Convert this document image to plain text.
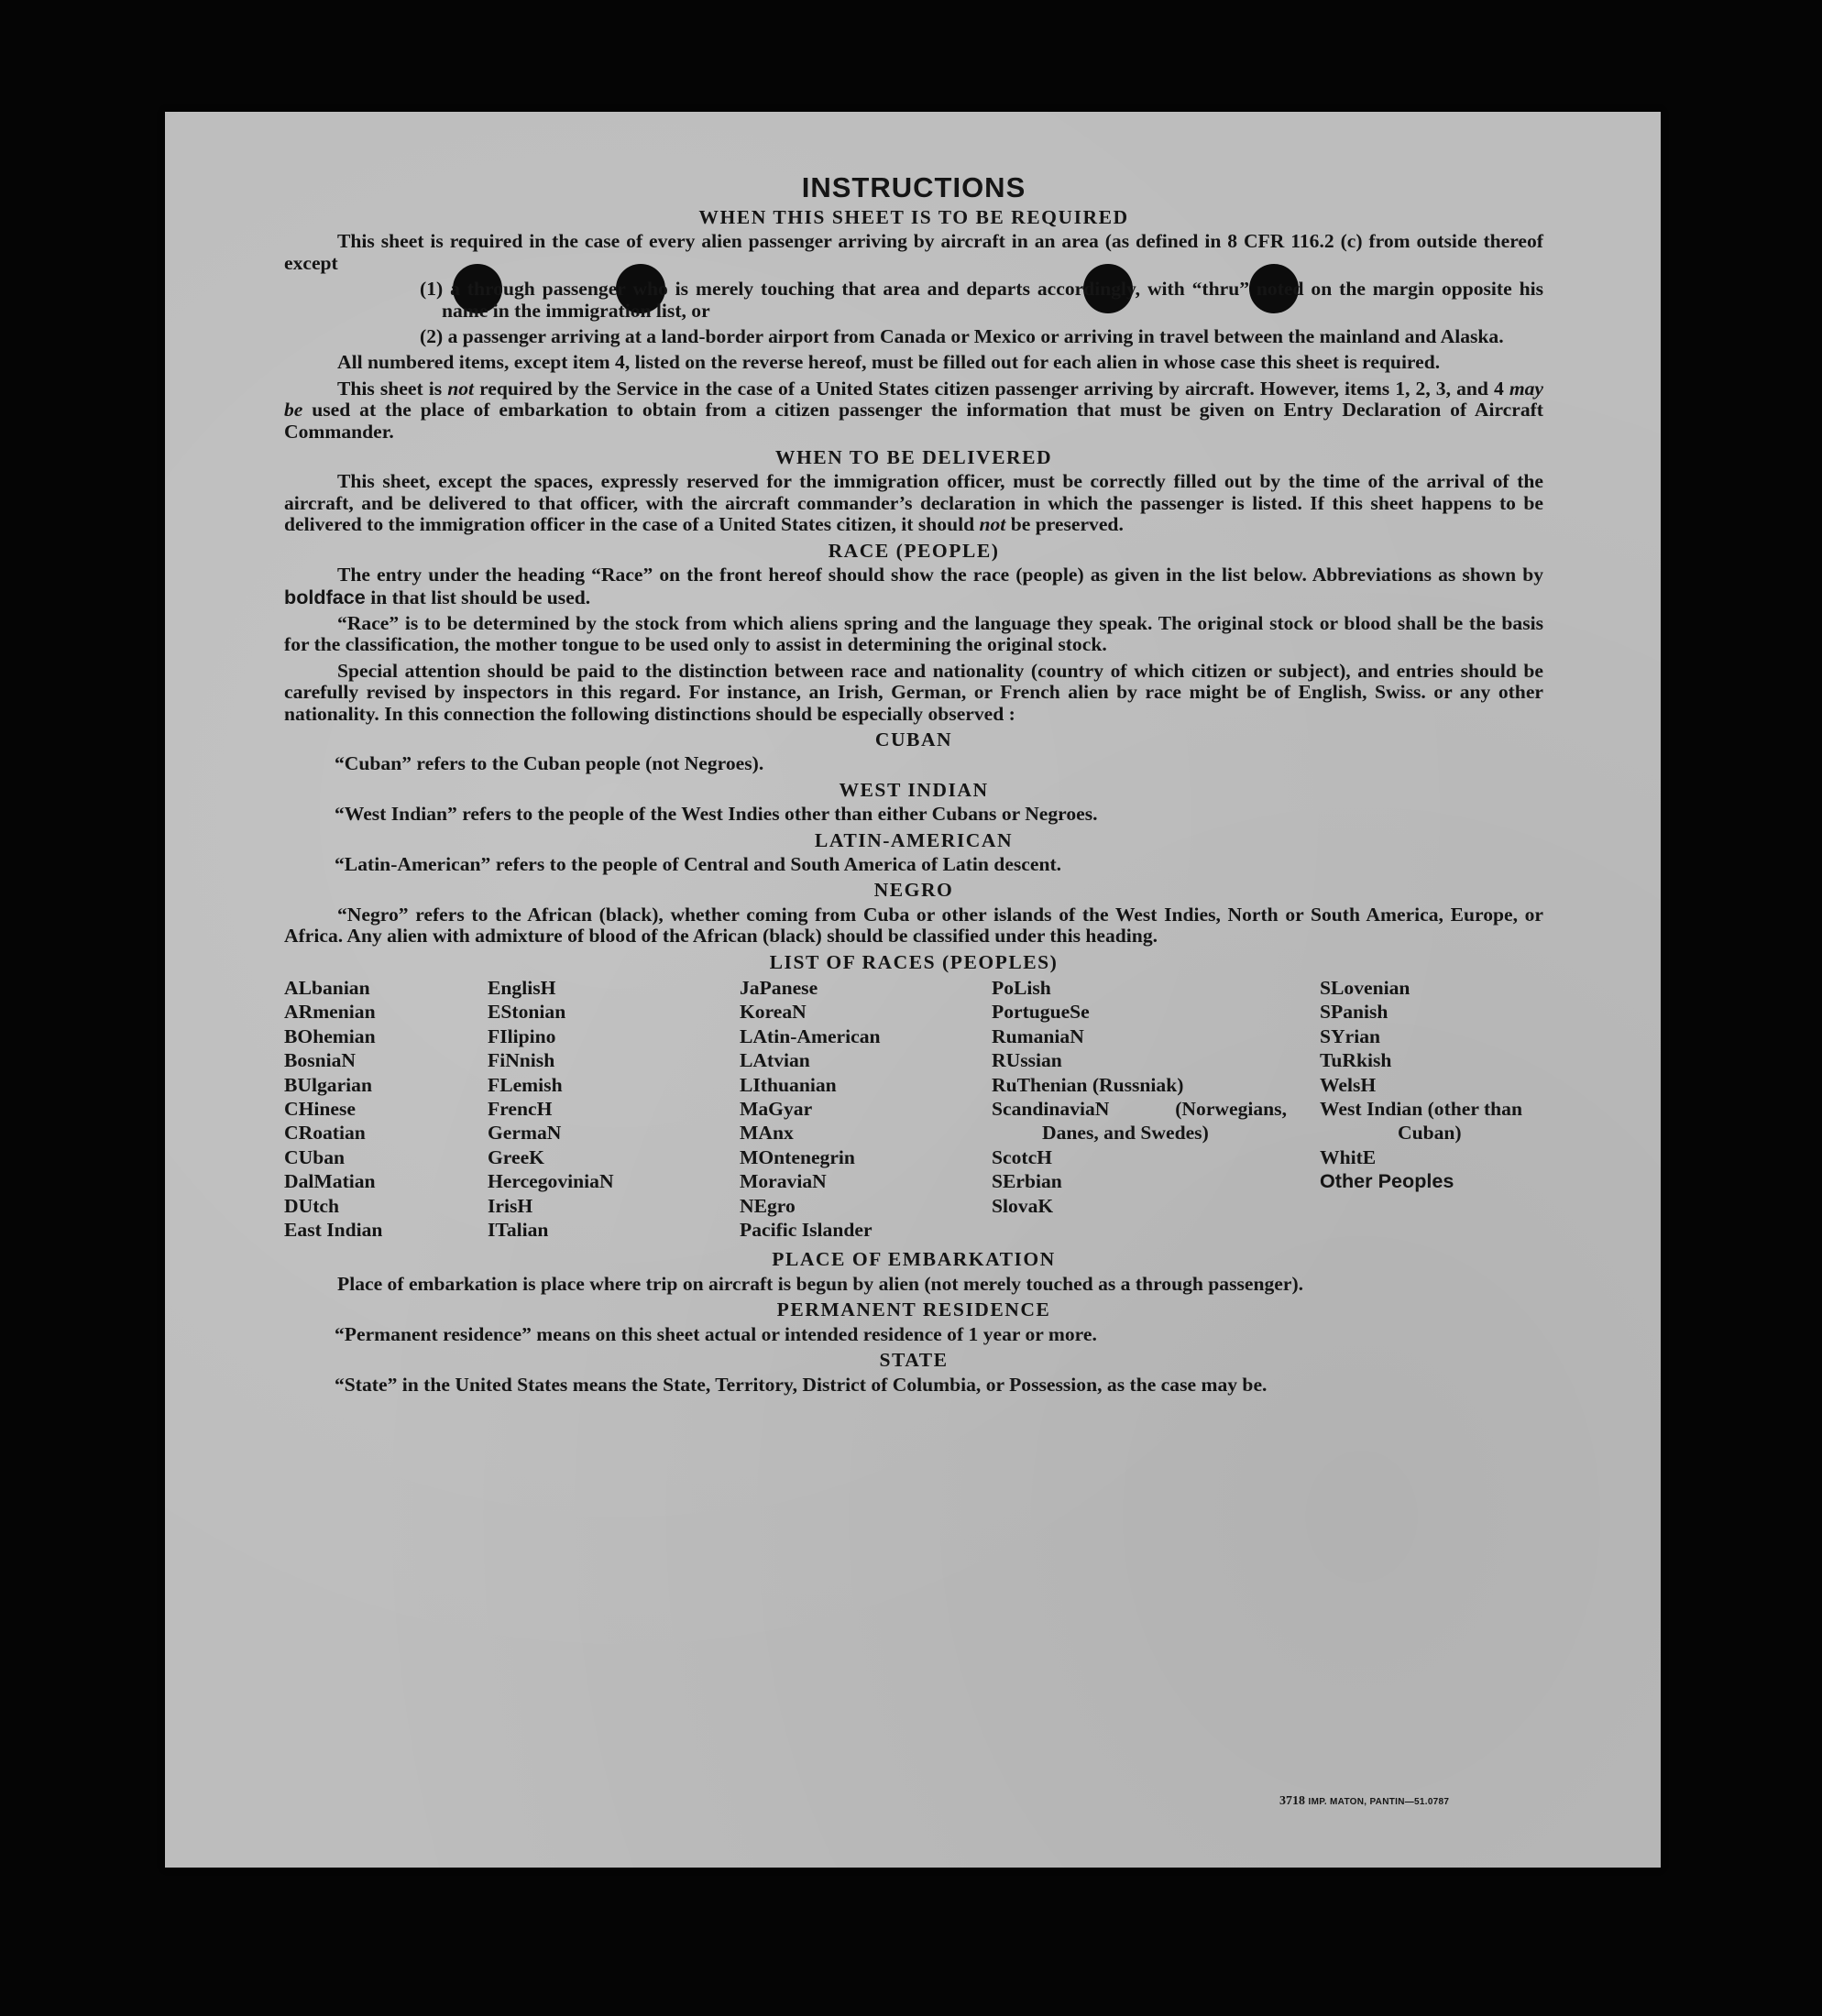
INSTRUCTIONS
WHEN THIS SHEET IS TO BE REQUIRED

This sheet is required in the case of every alien passenger arriving by aircraft in an area (as defined in 8 CFR 116.2 (c) from outside thereof except

(1) a through passenger who is merely touching that area and departs accordingly, with “thru” noted on the margin opposite his name in the immigration list, or

(2) a passenger arriving at a land-border airport from Canada or Mexico or arriving in travel between the mainland and Alaska.

All numbered items, except item 4, listed on the reverse hereof, must be filled out for each alien in whose case this sheet is required.

This sheet is not required by the Service in the case of a United States citizen passenger arriving by aircraft. However, items 1, 2, 3, and 4 may be used at the place of embarkation to obtain from a citizen passenger the information that must be given on Entry Declaration of Aircraft Commander.

WHEN TO BE DELIVERED

This sheet, except the spaces, expressly reserved for the immigration officer, must be correctly filled out by the time of the arrival of the aircraft, and be delivered to that officer, with the aircraft commander’s declaration in which the passenger is listed. If this sheet happens to be delivered to the immigration officer in the case of a United States citizen, it should not be preserved.

RACE (PEOPLE)

The entry under the heading “Race” on the front hereof should show the race (people) as given in the list below. Abbreviations as shown by boldface in that list should be used.

“Race” is to be determined by the stock from which aliens spring and the language they speak. The original stock or blood shall be the basis for the classification, the mother tongue to be used only to assist in determining the original stock.

Special attention should be paid to the distinction between race and nationality (country of which citizen or subject), and entries should be carefully revised by inspectors in this regard. For instance, an Irish, German, or French alien by race might be of English, Swiss. or any other nationality. In this connection the following distinctions should be especially observed :

CUBAN

“Cuban” refers to the Cuban people (not Negroes).

WEST INDIAN

“West Indian” refers to the people of the West Indies other than either Cubans or Negroes.

LATIN-AMERICAN

“Latin-American” refers to the people of Central and South America of Latin descent.

NEGRO

“Negro” refers to the African (black), whether coming from Cuba or other islands of the West Indies, North or South America, Europe, or Africa. Any alien with admixture of blood of the African (black) should be classified under this heading.

LIST OF RACES (PEOPLES)
ALbanian
ARmenian
BOhemian
BosniaN
BUlgarian
CHinese
CRoatian
CUban
DalMatian
DUtch
East Indian
EnglisH
EStonian
FIlipino
FiNnish
FLemish
FrencH
GermaN
GreeK
HercegoviniaN
IrisH
ITalian
JaPanese
KoreaN
LAtin-American
LAtvian
LIthuanian
MaGyar
MAnx
MOntenegrin
MoraviaN
NEgro
Pacific Islander
PoLish
PortugueSe
RumaniaN
RUssian
RuThenian (Russniak)
ScandinaviaN (Norwegians, Danes, and Swedes)
ScotcH
SErbian
SlovaK
SLovenian
SPanish
SYrian
TuRkish
WelsH
West Indian (other than Cuban)
WhitE
Other Peoples
PLACE OF EMBARKATION

Place of embarkation is place where trip on aircraft is begun by alien (not merely touched as a through passenger).

PERMANENT RESIDENCE

“Permanent residence” means on this sheet actual or intended residence of 1 year or more.

STATE

“State” in the United States means the State, Territory, District of Columbia, or Possession, as the case may be.

3718 IMP. MATON, PANTIN—51.0787
